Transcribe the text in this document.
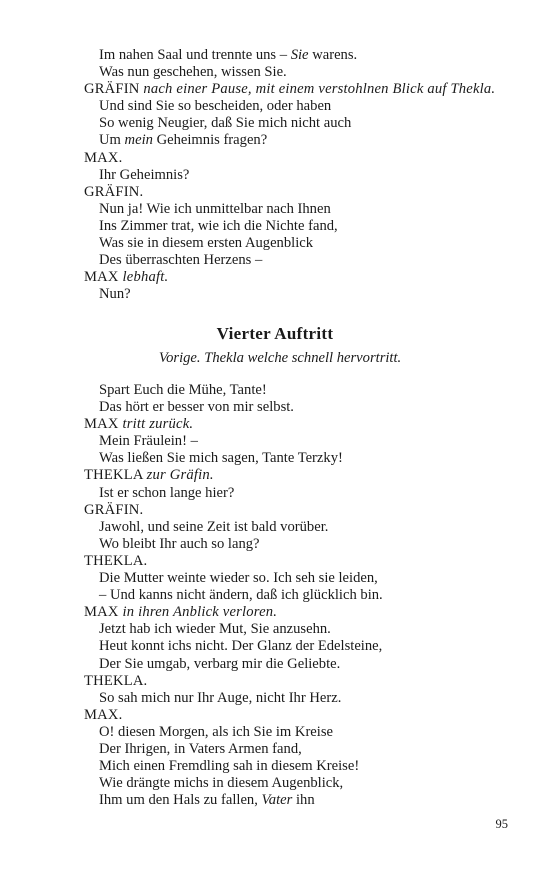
Im nahen Saal und trennte uns – Sie warens.
Was nun geschehen, wissen Sie.
GRÄFIN nach einer Pause, mit einem verstohlnen Blick auf Thekla.
Und sind Sie so bescheiden, oder haben
So wenig Neugier, daß Sie mich nicht auch
Um mein Geheimnis fragen?
MAX.
Ihr Geheimnis?
GRÄFIN.
Nun ja! Wie ich unmittelbar nach Ihnen
Ins Zimmer trat, wie ich die Nichte fand,
Was sie in diesem ersten Augenblick
Des überraschten Herzens –
MAX lebhaft.
Nun?
Vierter Auftritt
Vorige. Thekla welche schnell hervortritt.
Spart Euch die Mühe, Tante!
Das hört er besser von mir selbst.
MAX tritt zurück.
Mein Fräulein! –
Was ließen Sie mich sagen, Tante Terzky!
THEKLA zur Gräfin.
Ist er schon lange hier?
GRÄFIN.
Jawohl, und seine Zeit ist bald vorüber.
Wo bleibt Ihr auch so lang?
THEKLA.
Die Mutter weinte wieder so. Ich seh sie leiden,
– Und kanns nicht ändern, daß ich glücklich bin.
MAX in ihren Anblick verloren.
Jetzt hab ich wieder Mut, Sie anzusehn.
Heut konnt ichs nicht. Der Glanz der Edelsteine,
Der Sie umgab, verbarg mir die Geliebte.
THEKLA.
So sah mich nur Ihr Auge, nicht Ihr Herz.
MAX.
O! diesen Morgen, als ich Sie im Kreise
Der Ihrigen, in Vaters Armen fand,
Mich einen Fremdling sah in diesem Kreise!
Wie drängte michs in diesem Augenblick,
Ihm um den Hals zu fallen, Vater ihn
95
